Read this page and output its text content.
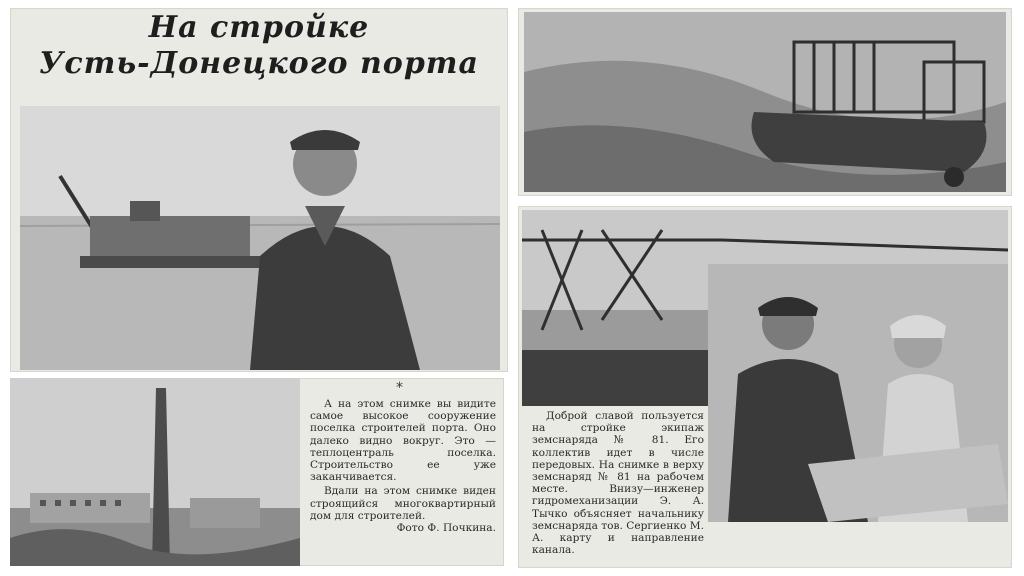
На стройке
Усть-Донецкого порта
*

А на этом снимке вы видите самое высокое сооружение поселка строителей порта. Оно далеко видно вокруг. Это — теплоцентраль поселка. Строительство ее уже заканчивается.

Вдали на этом снимке виден строящийся многоквартирный дом для строителей.

Фото Ф. Почкина.

Доброй славой пользуется на стройке экипаж земснаряда № 81. Его коллектив идет в числе передовых. На снимке в верху земснаряд № 81 на рабочем месте. Внизу—инженер гидромеханизации Э. А. Тычко объясняет начальнику земснаряда тов. Сергиенко М. А. карту и направление канала.
